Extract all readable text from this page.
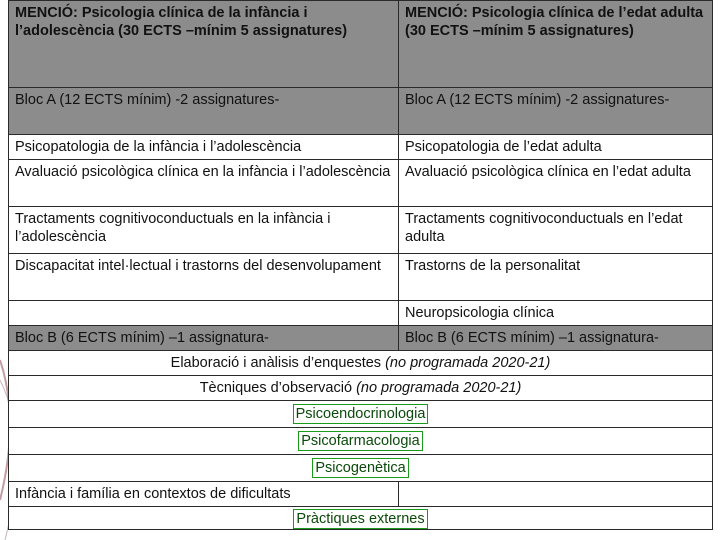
MENCIÓ: Psicologia clínica de la infància i l’adolescència (30 ECTS –mínim 5 assignatures)	MENCIÓ: Psicologia clínica de l’edat adulta (30 ECTS –mínim 5 assignatures)
Bloc A (12 ECTS mínim) -2 assignatures-	Bloc A (12 ECTS mínim) -2 assignatures-
Psicopatologia de la infància i l’adolescència	Psicopatologia de l’edat adulta
Avaluació psicològica clínica en la infància i l’adolescència	Avaluació psicològica clínica en l’edat adulta
Tractaments cognitivoconductuals en la infància i l’adolescència	Tractaments cognitivoconductuals en l’edat adulta
Discapacitat intel·lectual i trastorns del desenvolupament	Trastorns de la personalitat
	Neuropsicologia clínica
Bloc B (6 ECTS mínim) –1 assignatura-	Bloc B (6 ECTS mínim) –1 assignatura-
Elaboració i anàlisis d’enquestes (no programada 2020-21)	
Tècniques d’observació (no programada 2020-21)	
Psicoendocrinologia	
Psicofarmacologia	
Psicogenètica	
Infància i família en contextos de dificultats	
Pràctiques externes	
